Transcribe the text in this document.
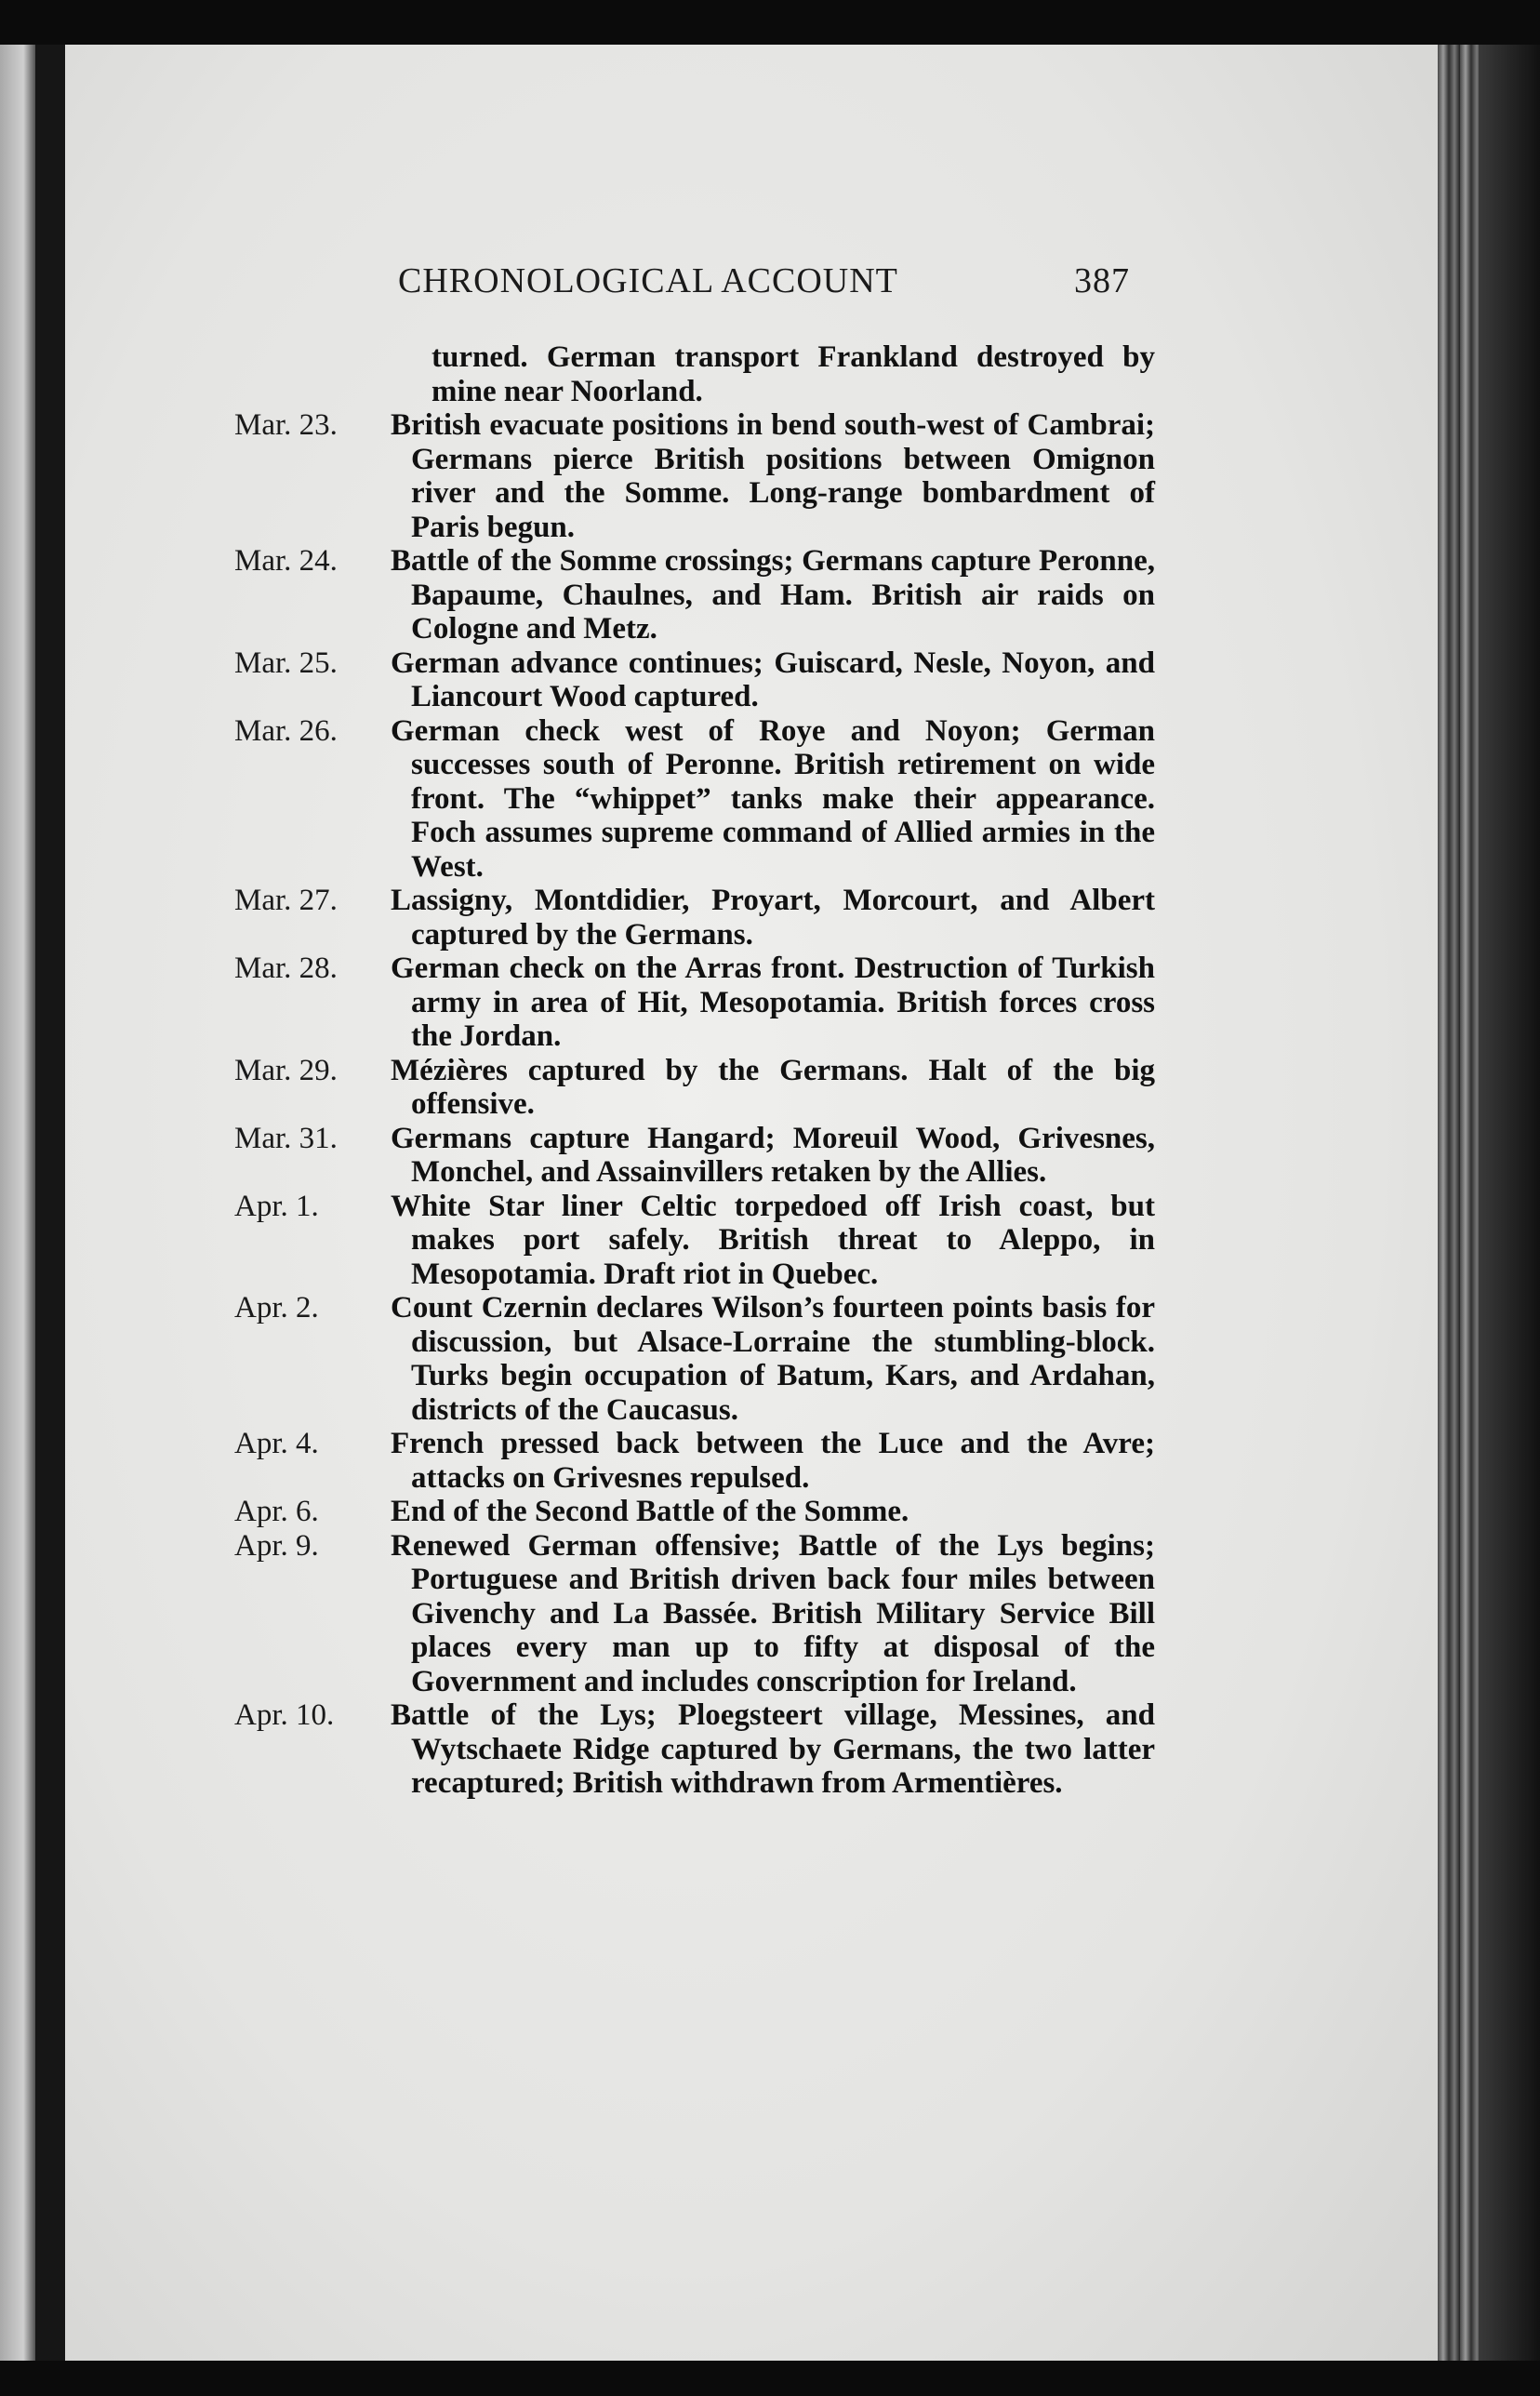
CHRONOLOGICAL ACCOUNT	387
turned. German transport Frankland destroyed by mine near Noorland.
Mar. 23.	British evacuate positions in bend south-west of Cambrai; Germans pierce British positions between Omignon river and the Somme. Long-range bombardment of Paris begun.
Mar. 24.	Battle of the Somme crossings; Germans capture Peronne, Bapaume, Chaulnes, and Ham. British air raids on Cologne and Metz.
Mar. 25.	German advance continues; Guiscard, Nesle, Noyon, and Liancourt Wood captured.
Mar. 26.	German check west of Roye and Noyon; German successes south of Peronne. British retirement on wide front. The “whippet” tanks make their appearance. Foch assumes supreme command of Allied armies in the West.
Mar. 27.	Lassigny, Montdidier, Proyart, Morcourt, and Albert captured by the Germans.
Mar. 28.	German check on the Arras front. Destruction of Turkish army in area of Hit, Mesopotamia. British forces cross the Jordan.
Mar. 29.	Mézières captured by the Germans. Halt of the big offensive.
Mar. 31.	Germans capture Hangard; Moreuil Wood, Grivesnes, Monchel, and Assainvillers retaken by the Allies.
Apr. 1.	White Star liner Celtic torpedoed off Irish coast, but makes port safely. British threat to Aleppo, in Mesopotamia. Draft riot in Quebec.
Apr. 2.	Count Czernin declares Wilson’s fourteen points basis for discussion, but Alsace-Lorraine the stumbling-block. Turks begin occupation of Batum, Kars, and Ardahan, districts of the Caucasus.
Apr. 4.	French pressed back between the Luce and the Avre; attacks on Grivesnes repulsed.
Apr. 6.	End of the Second Battle of the Somme.
Apr. 9.	Renewed German offensive; Battle of the Lys begins; Portuguese and British driven back four miles between Givenchy and La Bassée. British Military Service Bill places every man up to fifty at disposal of the Government and includes conscription for Ireland.
Apr. 10.	Battle of the Lys; Ploegsteert village, Messines, and Wytschaete Ridge captured by Germans, the two latter recaptured; British withdrawn from Armentières.
